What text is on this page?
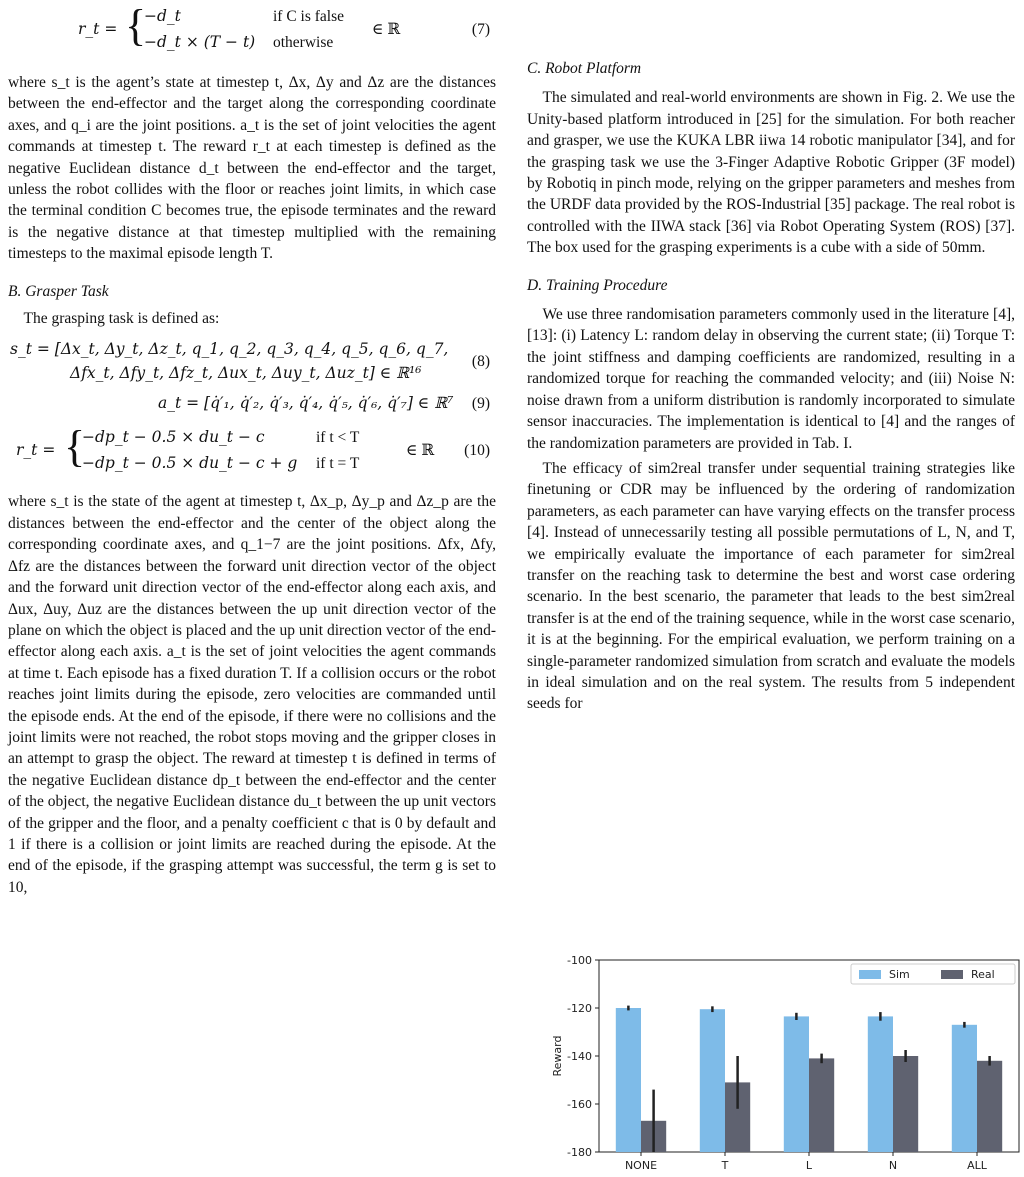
r_t = {
−d_t	if C is false
−d_t × (T − t) otherwise
∈ ℝ	(7)

where s_t is the agent’s state at timestep t, Δx, Δy and Δz are the distances between the end-effector and the target along the corresponding coordinate axes, and q_i are the joint positions. a_t is the set of joint velocities the agent commands at timestep t. The reward r_t at each timestep is defined as the negative Euclidean distance d_t between the end-effector and the target, unless the robot collides with the floor or reaches joint limits, in which case the terminal condition C becomes true, the episode terminates and the reward is the negative distance at that timestep multiplied with the remaining timesteps to the maximal episode length T.

B. Grasper Task

The grasping task is defined as:

s_t = [Δx_t, Δy_t, Δz_t, q_1, q_2, q_3, q_4, q_5, q_6, q_7,
Δfx_t, Δfy_t, Δfz_t, Δux_t, Δuy_t, Δuz_t] ∈ ℝ¹⁶
(8)
a_t = [q̇′₁, q̇′₂, q̇′₃, q̇′₄, q̇′₅, q̇′₆, q̇′₇] ∈ ℝ⁷ (9)
r_t = {
−dp_t − 0.5 × du_t − c	if t < T
−dp_t − 0.5 × du_t − c + g if t = T
∈ ℝ (10)

where s_t is the state of the agent at timestep t, Δx_p, Δy_p and Δz_p are the distances between the end-effector and the center of the object along the corresponding coordinate axes, and q_1−7 are the joint positions. Δfx, Δfy, Δfz are the distances between the forward unit direction vector of the object and the forward unit direction vector of the end-effector along each axis, and Δux, Δuy, Δuz are the distances between the up unit direction vector of the plane on which the object is placed and the up unit direction vector of the end-effector along each axis. a_t is the set of joint velocities the agent commands at time t. Each episode has a fixed duration T. If a collision occurs or the robot reaches joint limits during the episode, zero velocities are commanded until the episode ends. At the end of the episode, if there were no collisions and the joint limits were not reached, the robot stops moving and the gripper closes in an attempt to grasp the object. The reward at timestep t is defined in terms of the negative Euclidean distance dp_t between the end-effector and the center of the object, the negative Euclidean distance du_t between the up unit vectors of the gripper and the floor, and a penalty coefficient c that is 0 by default and 1 if there is a collision or joint limits are reached during the episode. At the end of the episode, if the grasping attempt was successful, the term g is set to 10,

C. Robot Platform

The simulated and real-world environments are shown in Fig. 2. We use the Unity-based platform introduced in [25] for the simulation. For both reacher and grasper, we use the KUKA LBR iiwa 14 robotic manipulator [34], and for the grasping task we use the 3-Finger Adaptive Robotic Gripper (3F model) by Robotiq in pinch mode, relying on the gripper parameters and meshes from the URDF data provided by the ROS-Industrial [35] package. The real robot is controlled with the IIWA stack [36] via Robot Operating System (ROS) [37]. The box used for the grasping experiments is a cube with a side of 50mm.

D. Training Procedure

We use three randomisation parameters commonly used in the literature [4], [13]: (i) Latency L: random delay in observing the current state; (ii) Torque T: the joint stiffness and damping coefficients are randomized, resulting in a randomized torque for reaching the commanded velocity; and (iii) Noise N: noise drawn from a uniform distribution is randomly incorporated to simulate sensor inaccuracies. The implementation is identical to [4] and the ranges of the randomization parameters are provided in Tab. I.

The efficacy of sim2real transfer under sequential training strategies like finetuning or CDR may be influenced by the ordering of randomization parameters, as each parameter can have varying effects on the transfer process [4]. Instead of unnecessarily testing all possible permutations of L, N, and T, we empirically evaluate the importance of each parameter for sim2real transfer on the reaching task to determine the best and worst case ordering scenario. In the best scenario, the parameter that leads to the best sim2real transfer is at the end of the training sequence, while in the worst case scenario, it is at the beginning. For the empirical evaluation, we perform training on a single-parameter randomized simulation from scratch and evaluate the models in ideal simulation and on the real system. The results from 5 independent seeds for

-100
-120
-140
-160
-180
Reward
NONE	T	L	N	ALL
Sim	Real
